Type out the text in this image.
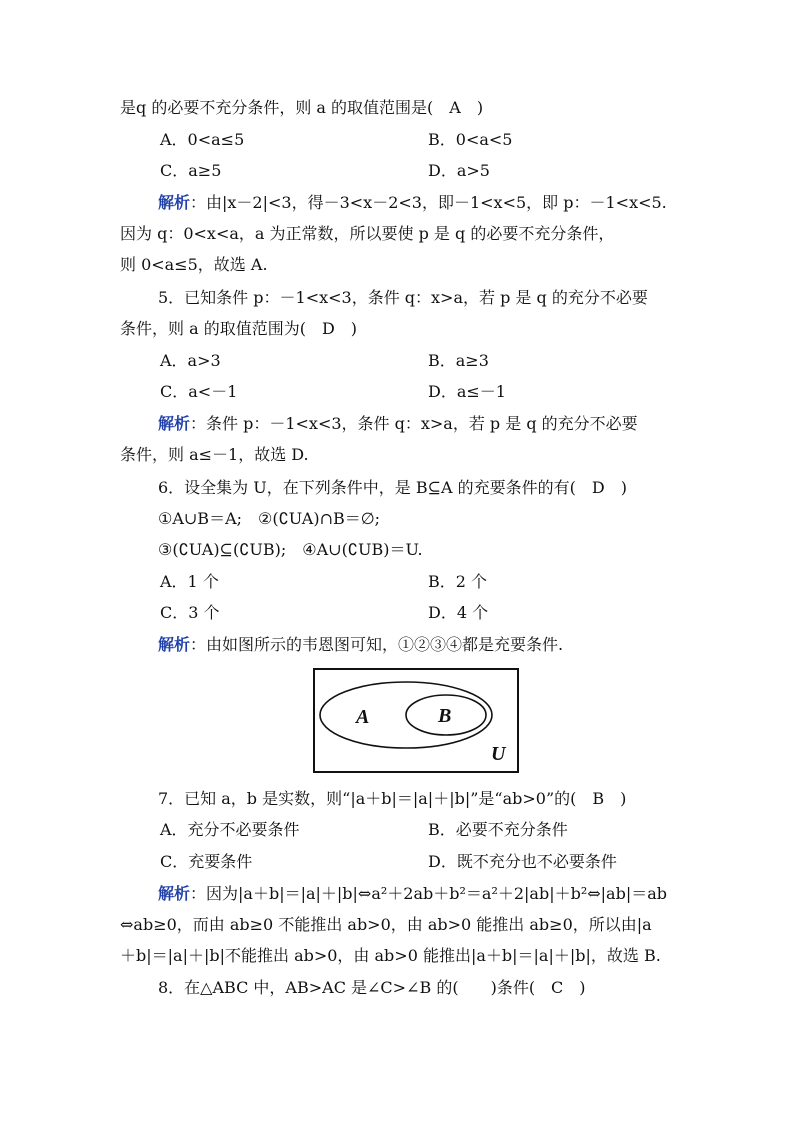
是q 的必要不充分条件，则 a 的取值范围是(　A　)
A．0<a≤5	B．0<a<5
C．a≥5	D．a>5
解析：由|x－2|<3，得－3<x－2<3，即－1<x<5，即 p：－1<x<5.
因为 q：0<x<a，a 为正常数，所以要使 p 是 q 的必要不充分条件，
则 0<a≤5，故选 A.
5．已知条件 p：－1<x<3，条件 q：x>a，若 p 是 q 的充分不必要
条件，则 a 的取值范围为(　D　)
A．a>3	B．a≥3
C．a<－1	D．a≤－1
解析：条件 p：－1<x<3，条件 q：x>a，若 p 是 q 的充分不必要
条件，则 a≤－1，故选 D.
6．设全集为 U，在下列条件中，是 B⊆A 的充要条件的有(　D　)
①A∪B＝A;　②(∁UA)∩B＝∅;
③(∁UA)⊆(∁UB);　④A∪(∁UB)＝U.
A．1 个	B．2 个
C．3 个	D．4 个
解析：由如图所示的韦恩图可知，①②③④都是充要条件.
A	B
U
7．已知 a，b 是实数，则“|a＋b|＝|a|＋|b|”是“ab>0”的(　B　)
A．充分不必要条件	B．必要不充分条件
C．充要条件	D．既不充分也不必要条件
解析：因为|a＋b|＝|a|＋|b|⇔a²＋2ab＋b²＝a²＋2|ab|＋b²⇔|ab|＝ab
⇔ab≥0，而由 ab≥0 不能推出 ab>0，由 ab>0 能推出 ab≥0，所以由|a
＋b|＝|a|＋|b|不能推出 ab>0，由 ab>0 能推出|a＋b|＝|a|＋|b|，故选 B.
8．在△ABC 中，AB>AC 是∠C>∠B 的(　　)条件(　C　)
